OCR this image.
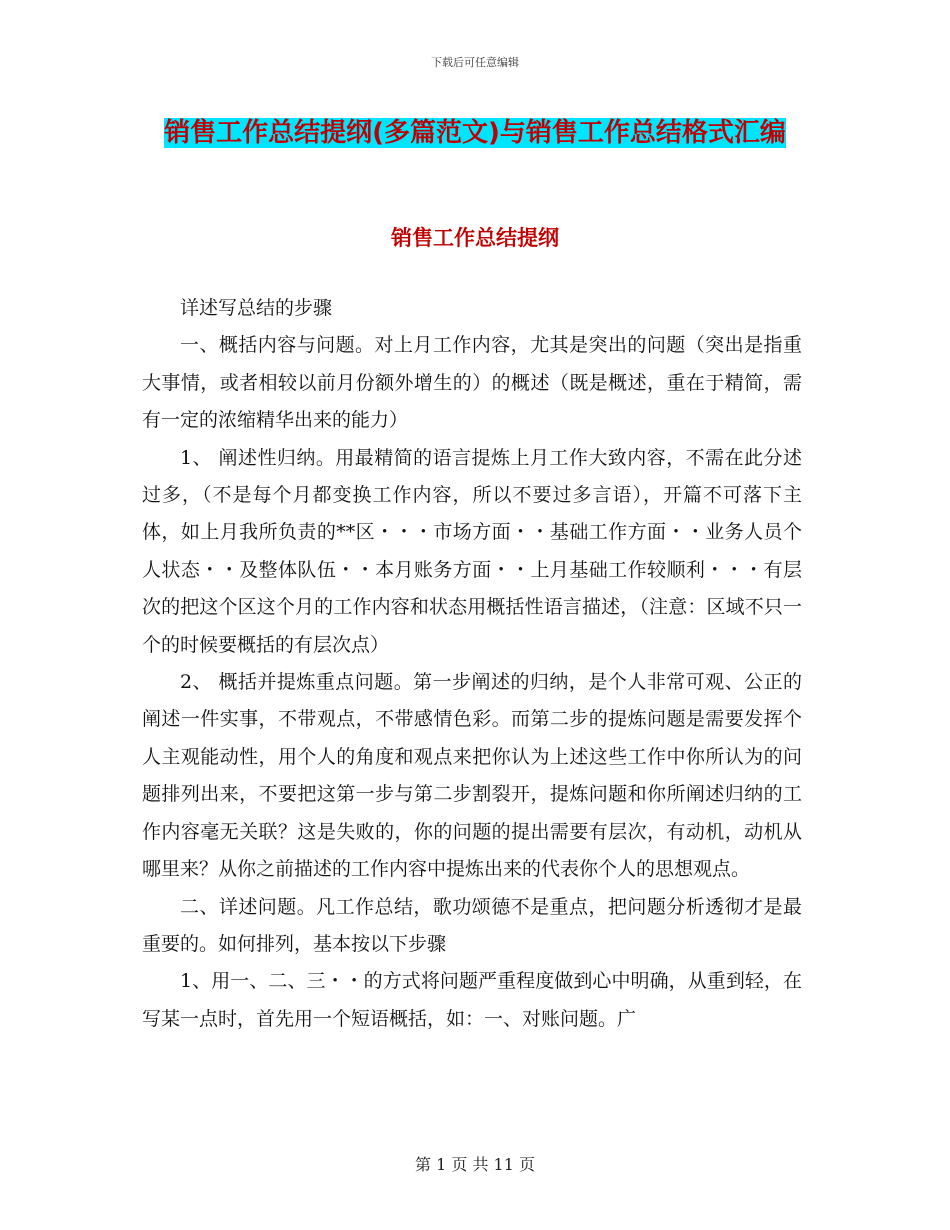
下载后可任意编辑
销售工作总结提纲(多篇范文)与销售工作总结格式汇编
销售工作总结提纲

详述写总结的步骤

一、概括内容与问题。对上月工作内容，尤其是突出的问题（突出是指重大事情，或者相较以前月份额外增生的）的概述（既是概述，重在于精简，需有一定的浓缩精华出来的能力）

1、 阐述性归纳。用最精简的语言提炼上月工作大致内容，不需在此分述过多，（不是每个月都变换工作内容，所以不要过多言语），开篇不可落下主体，如上月我所负责的**区・・・市场方面・・基础工作方面・・业务人员个人状态・・及整体队伍・・本月账务方面・・上月基础工作较顺利・・・有层次的把这个区这个月的工作内容和状态用概括性语言描述，（注意：区域不只一个的时候要概括的有层次点）

2、 概括并提炼重点问题。第一步阐述的归纳，是个人非常可观、公正的阐述一件实事，不带观点，不带感情色彩。而第二步的提炼问题是需要发挥个人主观能动性，用个人的角度和观点来把你认为上述这些工作中你所认为的问题排列出来，不要把这第一步与第二步割裂开，提炼问题和你所阐述归纳的工作内容毫无关联？这是失败的，你的问题的提出需要有层次，有动机，动机从哪里来？从你之前描述的工作内容中提炼出来的代表你个人的思想观点。

二、详述问题。凡工作总结，歌功颂德不是重点，把问题分析透彻才是最重要的。如何排列，基本按以下步骤

1、用一、二、三・・的方式将问题严重程度做到心中明确，从重到轻，在写某一点时，首先用一个短语概括，如：一、对账问题。广

第 1 页 共 11 页
